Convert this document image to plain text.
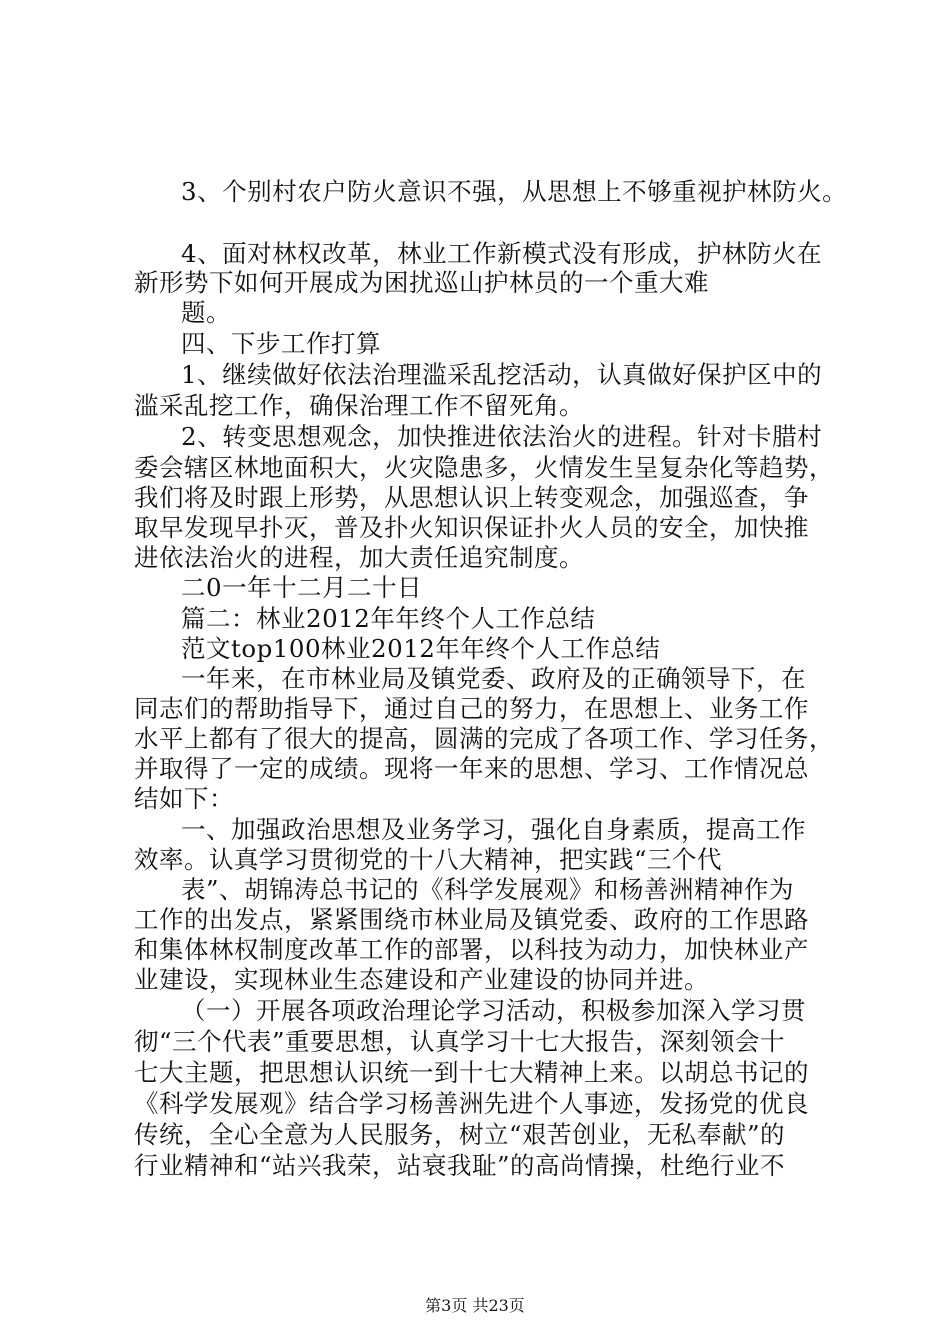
3、个别村农户防火意识不强，从思想上不够重视护林防火。
4、面对林权改革，林业工作新模式没有形成，护林防火在
新形势下如何开展成为困扰巡山护林员的一个重大难
题。
四、下步工作打算
1、继续做好依法治理滥采乱挖活动，认真做好保护区中的
滥采乱挖工作，确保治理工作不留死角。
2、转变思想观念，加快推进依法治火的进程。针对卡腊村
委会辖区林地面积大，火灾隐患多，火情发生呈复杂化等趋势，
我们将及时跟上形势，从思想认识上转变观念，加强巡查，争
取早发现早扑灭，普及扑火知识保证扑火人员的安全，加快推
进依法治火的进程，加大责任追究制度。
二0一年十二月二十日
篇二：林业2012年年终个人工作总结
范文top100林业2012年年终个人工作总结
一年来，在市林业局及镇党委、政府及的正确领导下，在
同志们的帮助指导下，通过自己的努力，在思想上、业务工作
水平上都有了很大的提高，圆满的完成了各项工作、学习任务，
并取得了一定的成绩。现将一年来的思想、学习、工作情况总
结如下：
一、加强政治思想及业务学习，强化自身素质，提高工作
效率。认真学习贯彻党的十八大精神，把实践“三个代
表”、胡锦涛总书记的《科学发展观》和杨善洲精神作为
工作的出发点，紧紧围绕市林业局及镇党委、政府的工作思路
和集体林权制度改革工作的部署，以科技为动力，加快林业产
业建设，实现林业生态建设和产业建设的协同并进。
（一）开展各项政治理论学习活动，积极参加深入学习贯
彻“三个代表”重要思想，认真学习十七大报告，深刻领会十
七大主题，把思想认识统一到十七大精神上来。以胡总书记的
《科学发展观》结合学习杨善洲先进个人事迹，发扬党的优良
传统，全心全意为人民服务，树立“艰苦创业，无私奉献”的
行业精神和“站兴我荣，站衰我耻”的高尚情操，杜绝行业不
第3页 共23页
